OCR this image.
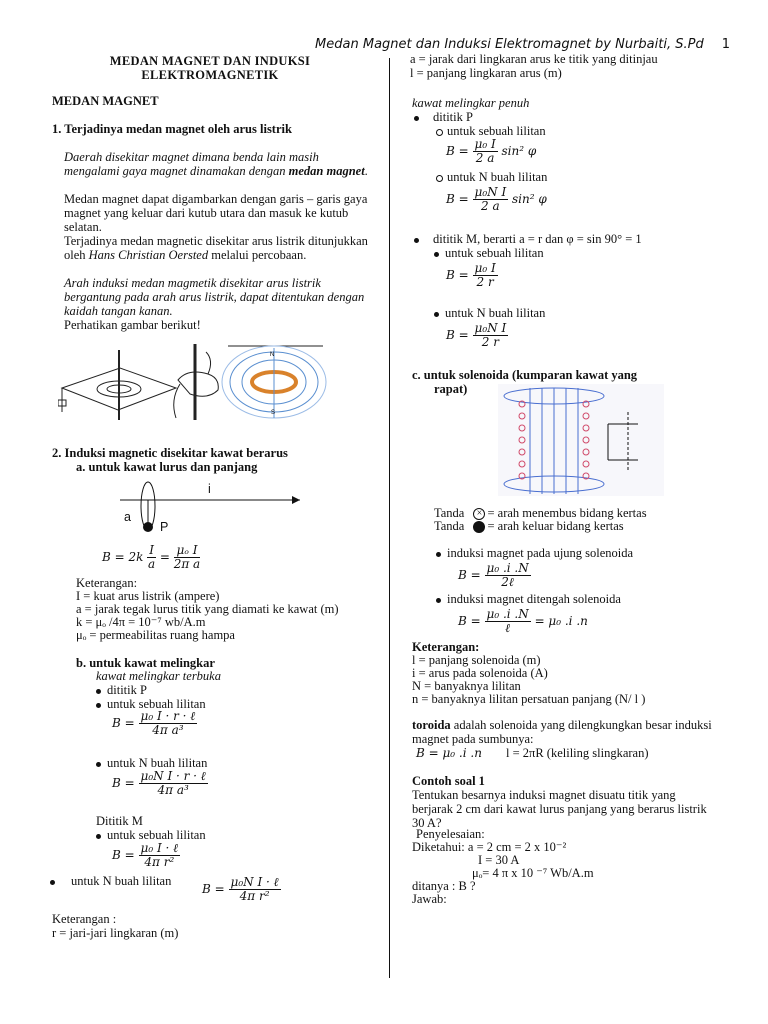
Medan Magnet dan Induksi Elektromagnet by Nurbaiti, S.Pd 1
MEDAN MAGNET DAN INDUKSI
ELEKTROMAGNETIK
MEDAN MAGNET
1. Terjadinya medan magnet oleh arus listrik
Daerah disekitar magnet dimana benda lain masih mengalami gaya magnet dinamakan dengan medan magnet.
Medan magnet dapat digambarkan dengan garis – garis gaya magnet yang keluar dari kutub utara dan masuk ke kutub selatan.
Terjadinya medan magnetic disekitar arus listrik ditunjukkan oleh Hans Christian Oersted melalui percobaan.
Arah induksi medan magmetik disekitar arus listrik bergantung pada arah arus listrik, dapat ditentukan dengan kaidah tangan kanan.
Perhatikan gambar berikut!
N
S
2. Induksi magnetic disekitar kawat berarus
a. untuk kawat lurus dan panjang
i
a
P
$B = 2k \frac{I}{a} = \frac{\text{μₒ I}}{\text{2π a}}$
Keterangan:
I = kuat arus listrik (ampere)
a = jarak tegak lurus titik yang diamati ke kawat (m)
k = μₒ /4π = 10⁻⁷ wb/A.m
μₒ = permeabilitas ruang hampa
b. untuk kawat melingkar
kawat melingkar terbuka
dititik P
untuk sebuah lilitan
$B = \frac{\text{μ₀ I · r · ℓ}}{\text{4π a³}}$
untuk N buah lilitan
$B = \frac{\text{μ₀N I · r · ℓ}}{\text{4π a³}}$
Dititik M
untuk sebuah lilitan
$B = \frac{\text{μ₀ I · ℓ}}{\text{4π r²}}$
untuk N buah lilitan
$B = \frac{\text{μ₀N I · ℓ}}{\text{4π r²}}$
Keterangan :
r = jari-jari lingkaran (m)
a = jarak dari lingkaran arus ke titik yang ditinjau
l = panjang lingkaran arus (m)
kawat melingkar penuh
dititik P
untuk sebuah lilitan
$B = \frac{\text{μ₀ I}}{2 a} \sin^2$ φ
untuk N buah lilitan
$B = \frac{\text{μ₀N I}}{2 a} \sin^2$ φ
dititik M, berarti a = r dan φ = sin 90° = 1
untuk sebuah lilitan
$B = \frac{\text{μ₀ I}}{2 r}$
untuk N buah lilitan
$B = \frac{\text{μ₀N I}}{2 r}$
c. untuk solenoida (kumparan kawat yang
rapat)
Tanda × = arah menembus bidang kertas
Tanda = arah keluar bidang kertas
induksi magnet pada ujung solenoida
$B = \frac{\text{μ₀ .i .N}}{\text{2ℓ}}$
induksi magnet ditengah solenoida
$B = \frac{\text{μ₀ .i .N}}{\text{ℓ}} = \mu_0$ .i .n
Keterangan:
l = panjang solenoida (m)
i = arus pada solenoida (A)
N = banyaknya lilitan
n = banyaknya lilitan persatuan panjang (N/ l )
toroida adalah solenoida yang dilengkungkan besar induksi magnet pada sumbunya:
B = μ₀ .i .n l = 2πR (keliling slingkaran)
Contoh soal 1
Tentukan besarnya induksi magnet disuatu titik yang berjarak 2 cm dari kawat lurus panjang yang berarus listrik 30 A?
Penyelesaian:
Diketahui: a = 2 cm = 2 x 10⁻²
I = 30 A
μₒ= 4 π x 10 ⁻⁷ Wb/A.m
ditanya : B ?
Jawab:
